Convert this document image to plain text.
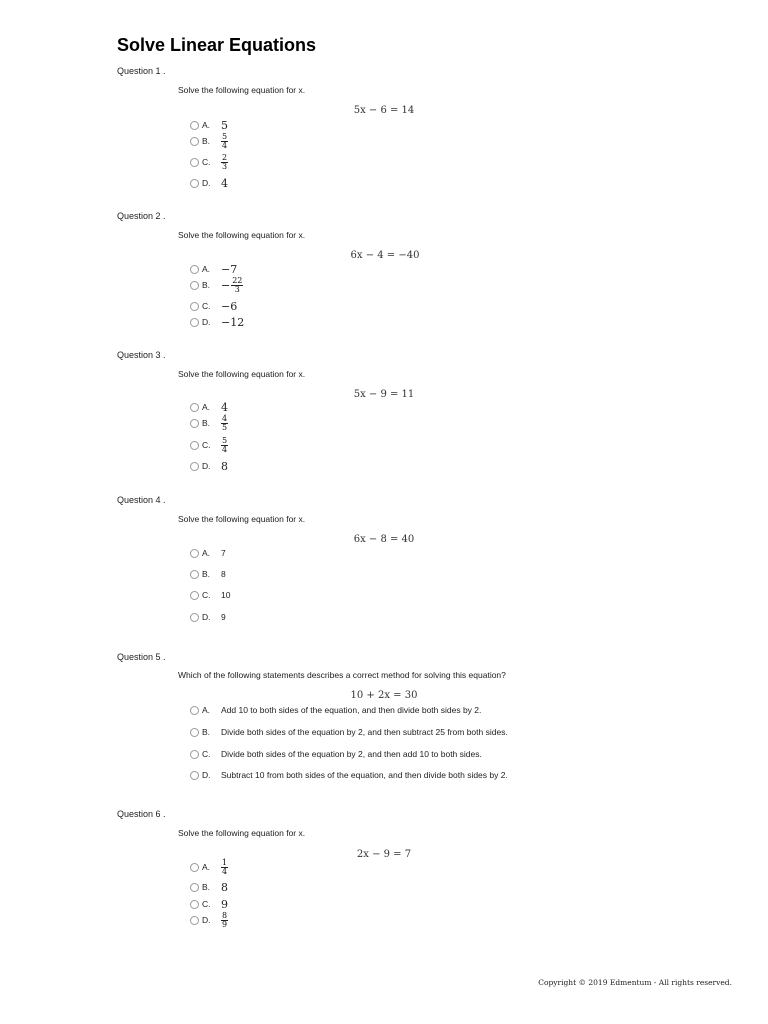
Solve Linear Equations
Question 1 .
Solve the following equation for x.
5x − 6 = 14
A. 5
B.	$\frac{5}{4}$
C.	$\frac{2}{3}$
D. 4
Question 2 .
Solve the following equation for x.
6x − 4 = −40
A. −7
B. − $\frac{22}{3}$
C. −6
D. −12
Question 3 .
Solve the following equation for x.
5x − 9 = 11
A. 4
B.	$\frac{4}{5}$
C.	$\frac{5}{4}$
D. 8
Question 4 .
Solve the following equation for x.
6x − 8 = 40
A.	7
B.	8
C.	10
D.	9
Question 5 .
Which of the following statements describes a correct method for solving this equation?
10 + 2x = 30
A.	Add 10 to both sides of the equation, and then divide both sides by 2.
B.	Divide both sides of the equation by 2, and then subtract 25 from both sides.
C.	Divide both sides of the equation by 2, and then add 10 to both sides.
D.	Subtract 10 from both sides of the equation, and then divide both sides by 2.
Question 6 .
Solve the following equation for x.
2x − 9 = 7
A.	$\frac{1}{4}$
B. 8
C. 9
D.	$\frac{8}{9}$
Copyright © 2019 Edmentum - All rights reserved.
